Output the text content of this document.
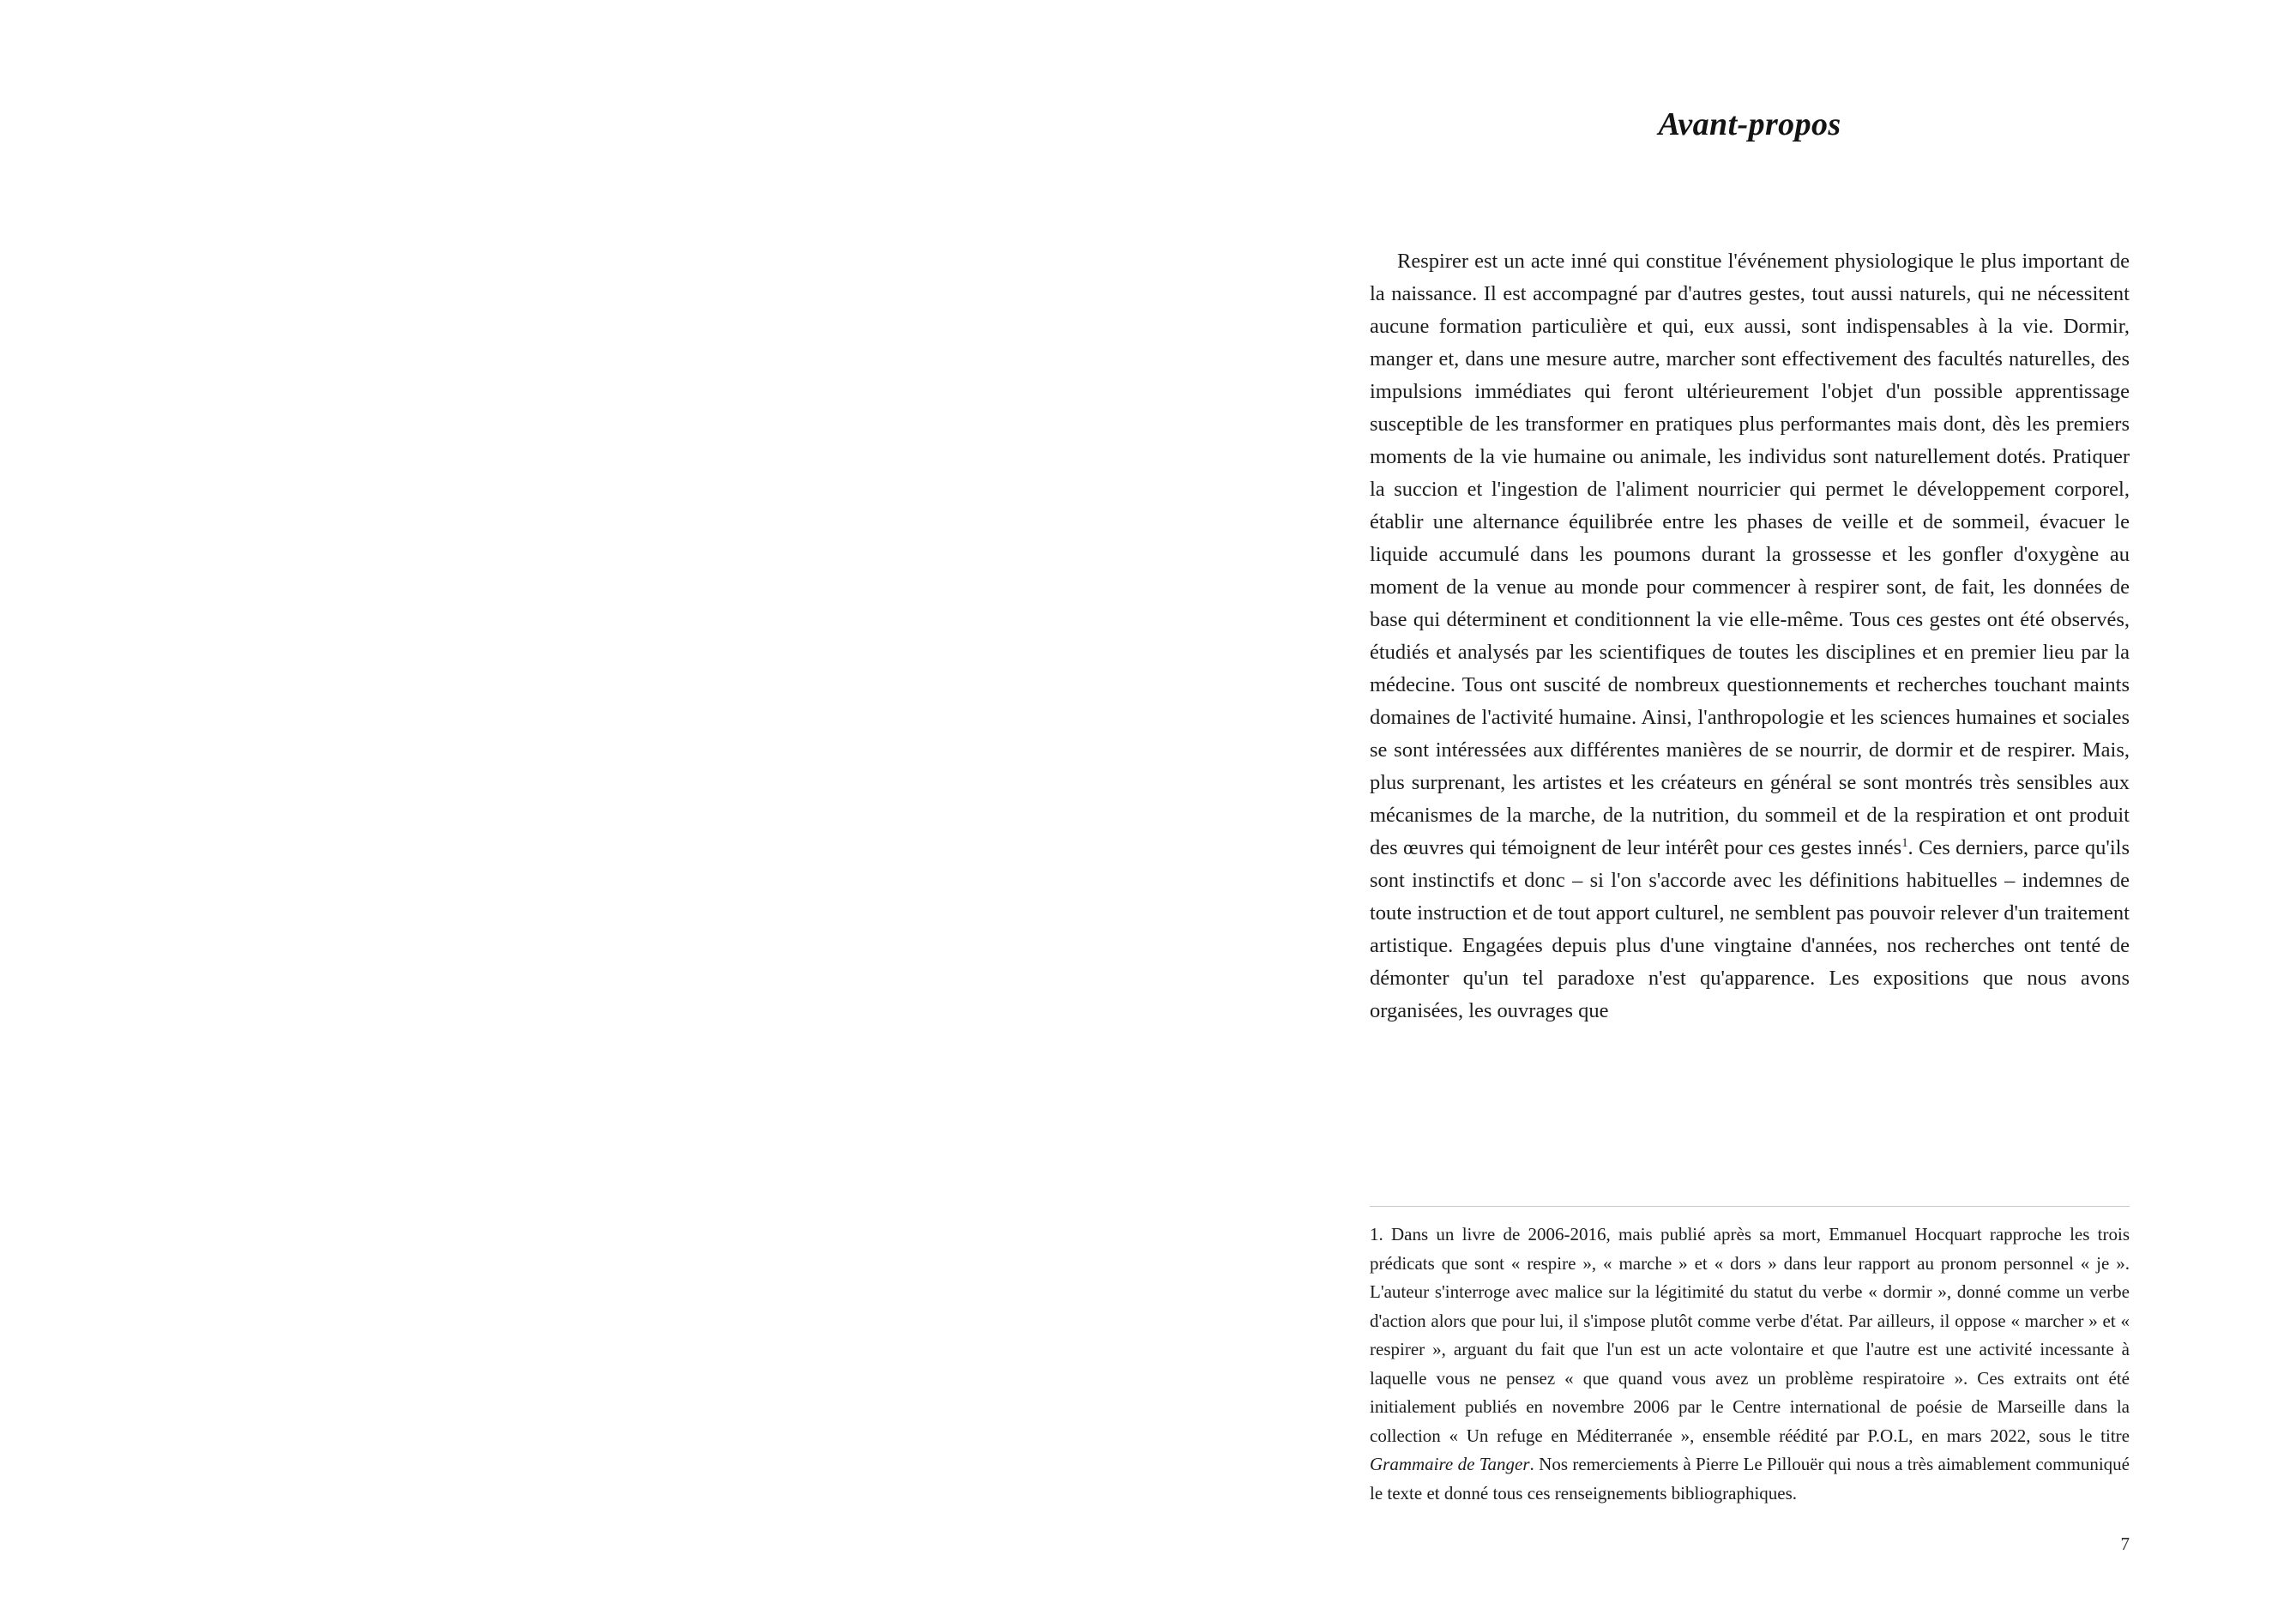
Avant-propos

Respirer est un acte inné qui constitue l'événement physiologique le plus important de la naissance. Il est accompagné par d'autres gestes, tout aussi naturels, qui ne nécessitent aucune formation particulière et qui, eux aussi, sont indispensables à la vie. Dormir, manger et, dans une mesure autre, marcher sont effectivement des facultés naturelles, des impulsions immédiates qui feront ultérieurement l'objet d'un possible apprentissage susceptible de les transformer en pratiques plus performantes mais dont, dès les premiers moments de la vie humaine ou animale, les individus sont naturellement dotés. Pratiquer la succion et l'ingestion de l'aliment nourricier qui permet le développement corporel, établir une alternance équilibrée entre les phases de veille et de sommeil, évacuer le liquide accumulé dans les poumons durant la grossesse et les gonfler d'oxygène au moment de la venue au monde pour commencer à respirer sont, de fait, les données de base qui déterminent et conditionnent la vie elle-même. Tous ces gestes ont été observés, étudiés et analysés par les scientifiques de toutes les disciplines et en premier lieu par la médecine. Tous ont suscité de nombreux questionnements et recherches touchant maints domaines de l'activité humaine. Ainsi, l'anthropologie et les sciences humaines et sociales se sont intéressées aux différentes manières de se nourrir, de dormir et de respirer. Mais, plus surprenant, les artistes et les créateurs en général se sont montrés très sensibles aux mécanismes de la marche, de la nutrition, du sommeil et de la respiration et ont produit des œuvres qui témoignent de leur intérêt pour ces gestes innés$^1$. Ces derniers, parce qu'ils sont instinctifs et donc – si l'on s'accorde avec les définitions habituelles – indemnes de toute instruction et de tout apport culturel, ne semblent pas pouvoir relever d'un traitement artistique. Engagées depuis plus d'une vingtaine d'années, nos recherches ont tenté de démonter qu'un tel paradoxe n'est qu'apparence. Les expositions que nous avons organisées, les ouvrages que

1. Dans un livre de 2006-2016, mais publié après sa mort, Emmanuel Hocquart rapproche les trois prédicats que sont « respire », « marche » et « dors » dans leur rapport au pronom personnel « je ». L'auteur s'interroge avec malice sur la légitimité du statut du verbe « dormir », donné comme un verbe d'action alors que pour lui, il s'impose plutôt comme verbe d'état. Par ailleurs, il oppose « marcher » et « respirer », arguant du fait que l'un est un acte volontaire et que l'autre est une activité incessante à laquelle vous ne pensez « que quand vous avez un problème respiratoire ». Ces extraits ont été initialement publiés en novembre 2006 par le Centre international de poésie de Marseille dans la collection « Un refuge en Méditerranée », ensemble réédité par P.O.L, en mars 2022, sous le titre Grammaire de Tanger. Nos remerciements à Pierre Le Pillouër qui nous a très aimablement communiqué le texte et donné tous ces renseignements bibliographiques.

7
